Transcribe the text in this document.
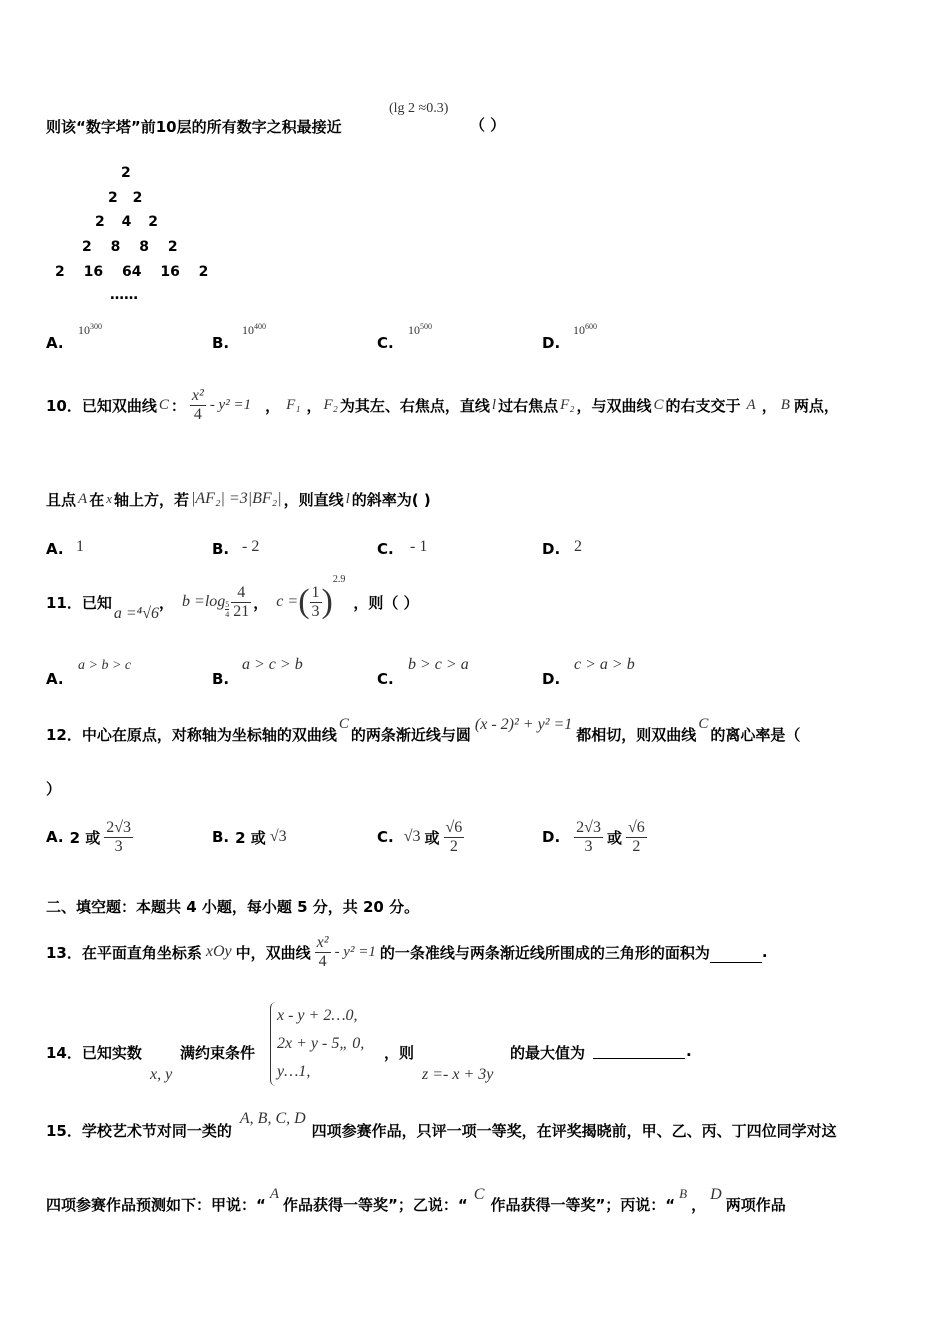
则该“数字塔”前10层的所有数字之积最接近
(lg 2 ≈0.3)
（ ）
2
2 2
2 4 2
2 8 8 2
2 16 64 16 2
……
A.
$10^{300}$
B.
$10^{400}$
C.
$10^{500}$
D.
$10^{600}$
10．已知双曲线 C ： $\frac{\text{x²}}{4} - y^2 =1$ ， F₁ ， F₂ 为其左、右焦点，直线 l 过右焦点 F₂ ，与双曲线 C 的右支交于 A ， B 两点，
且点 A 在 x 轴上方，若 |AF₂| =3|BF₂| ，则直线 l 的斜率为( )
A. 1	B. - 2	C. - 1	D. 2
11．已知
a =⁴√6
， $b =\log \frac{5}{4} \frac{4}{21}$ ， c = ( $\frac{1}{3}$ )
2.9
，则（ ）
A.
a > b > c
B.
a > c > b
C.
b > c > a
D.
c > a > b
12．中心在原点，对称轴为坐标轴的双曲线
C
的两条渐近线与圆
(x - 2)² + y² =1
都相切，则双曲线
C
的离心率是（
）
A. 2 或 $\frac{2√3}{3}$	B. 2 或 √3	C. √3 或 $\frac{√6}{2}$	D. $\frac{2√3}{3}$ 或 $\frac{√6}{2}$
二、填空题：本题共 4 小题，每小题 5 分，共 20 分。
13．在平面直角坐标系 xOy 中，双曲线 $\frac{\text{x²}}{4} - y^2 =1$ 的一条准线与两条渐近线所围成的三角形的面积为	.
14．已知实数
x, y
满约束条件
x - y + 2…0,
2x + y - 5„ 0,
y…1,
，则
z =- x + 3y
的最大值为	.
15．学校艺术节对同一类的
A, B, C, D
四项参赛作品，只评一项一等奖，在评奖揭晓前，甲、乙、丙、丁四位同学对这
四项参赛作品预测如下：甲说：“
A
作品获得一等奖”；乙说：“
C
作品获得一等奖”；丙说：“
B
，
D
两项作品
